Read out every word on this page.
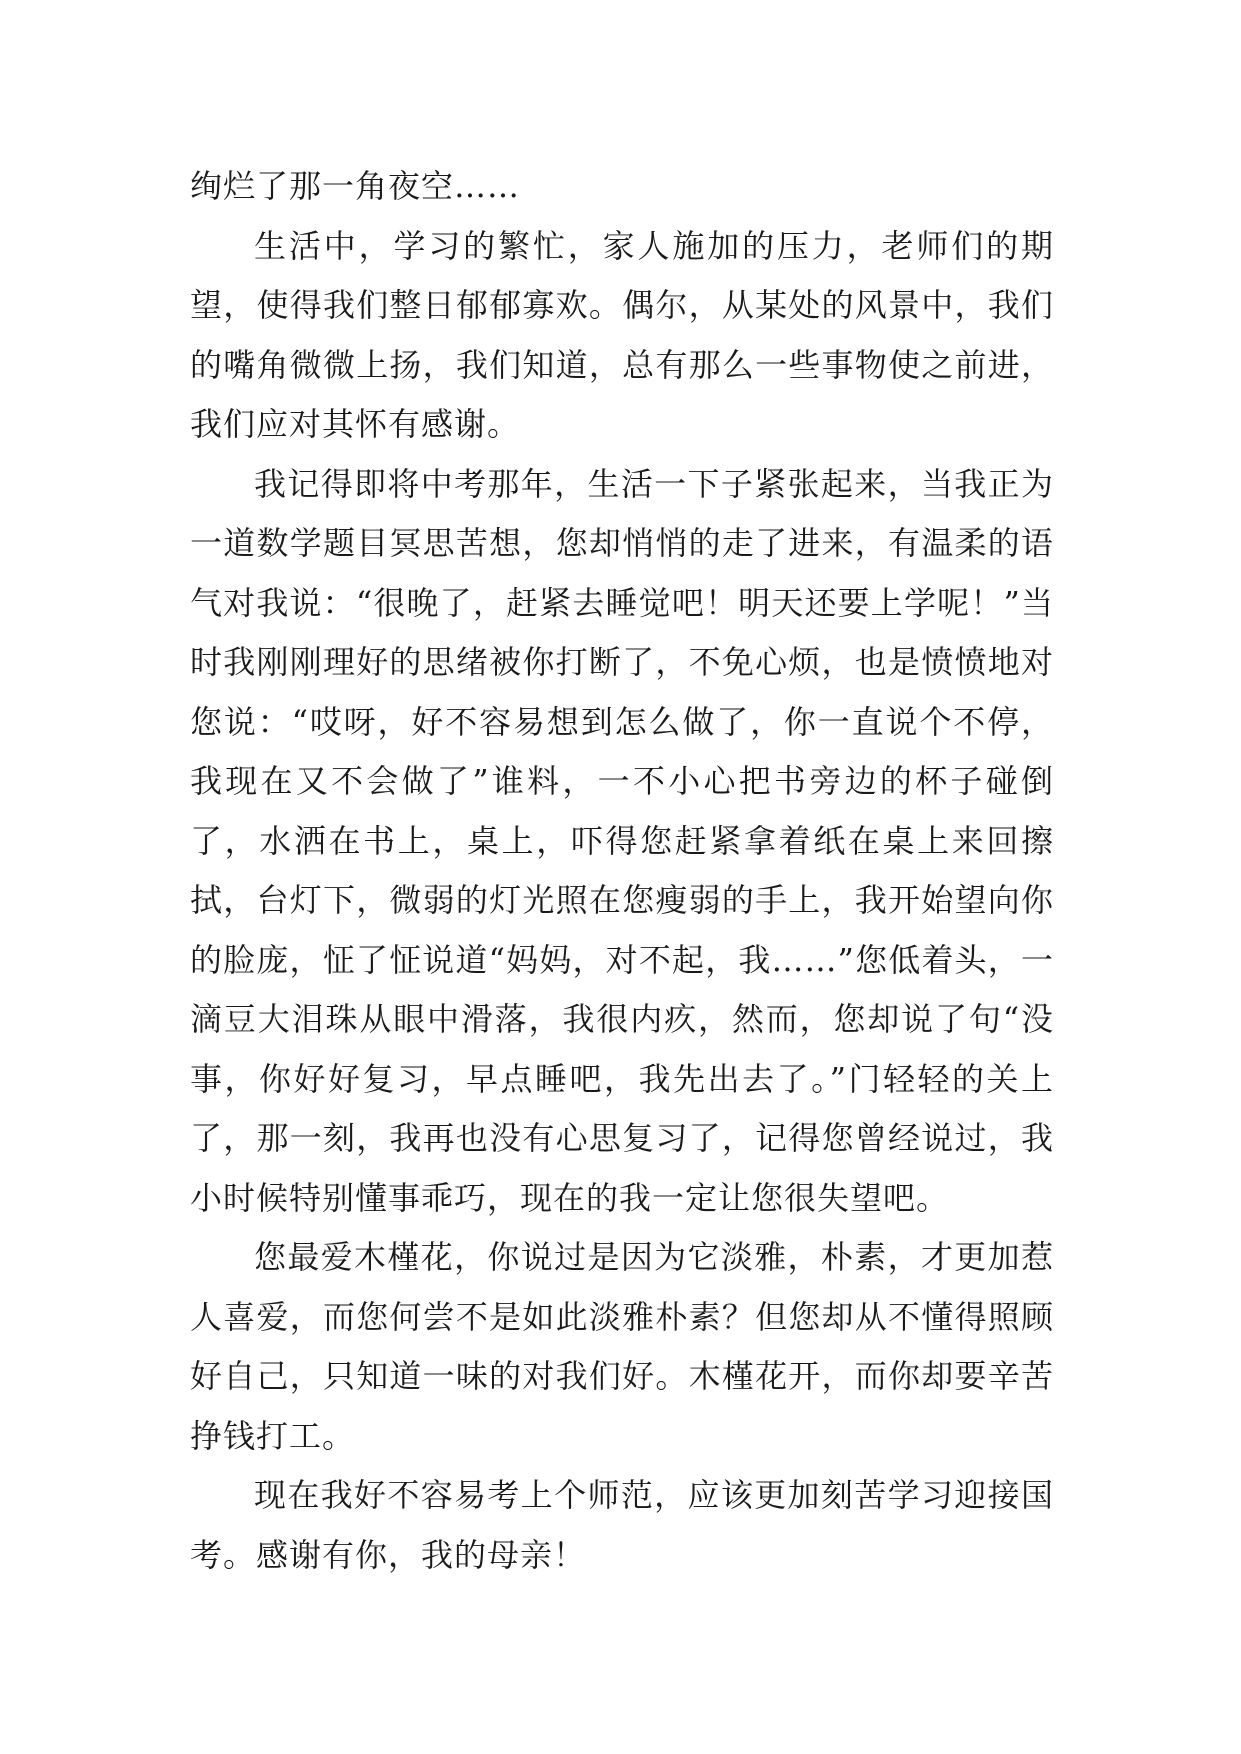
绚烂了那一角夜空……

生活中，学习的繁忙，家人施加的压力，老师们的期望，使得我们整日郁郁寡欢。偶尔，从某处的风景中，我们的嘴角微微上扬，我们知道，总有那么一些事物使之前进，我们应对其怀有感谢。

我记得即将中考那年，生活一下子紧张起来，当我正为一道数学题目冥思苦想，您却悄悄的走了进来，有温柔的语气对我说：“很晚了，赶紧去睡觉吧！明天还要上学呢！”当时我刚刚理好的思绪被你打断了，不免心烦，也是愤愤地对您说：“哎呀，好不容易想到怎么做了，你一直说个不停，我现在又不会做了”谁料，一不小心把书旁边的杯子碰倒了，水洒在书上，桌上，吓得您赶紧拿着纸在桌上来回擦拭，台灯下，微弱的灯光照在您瘦弱的手上，我开始望向你的脸庞，怔了怔说道“妈妈，对不起，我……”您低着头，一滴豆大泪珠从眼中滑落，我很内疚，然而，您却说了句“没事，你好好复习，早点睡吧，我先出去了。”门轻轻的关上了，那一刻，我再也没有心思复习了，记得您曾经说过，我小时候特别懂事乖巧，现在的我一定让您很失望吧。

您最爱木槿花，你说过是因为它淡雅，朴素，才更加惹人喜爱，而您何尝不是如此淡雅朴素？但您却从不懂得照顾好自己，只知道一味的对我们好。木槿花开，而你却要辛苦挣钱打工。

现在我好不容易考上个师范，应该更加刻苦学习迎接国考。感谢有你，我的母亲！
